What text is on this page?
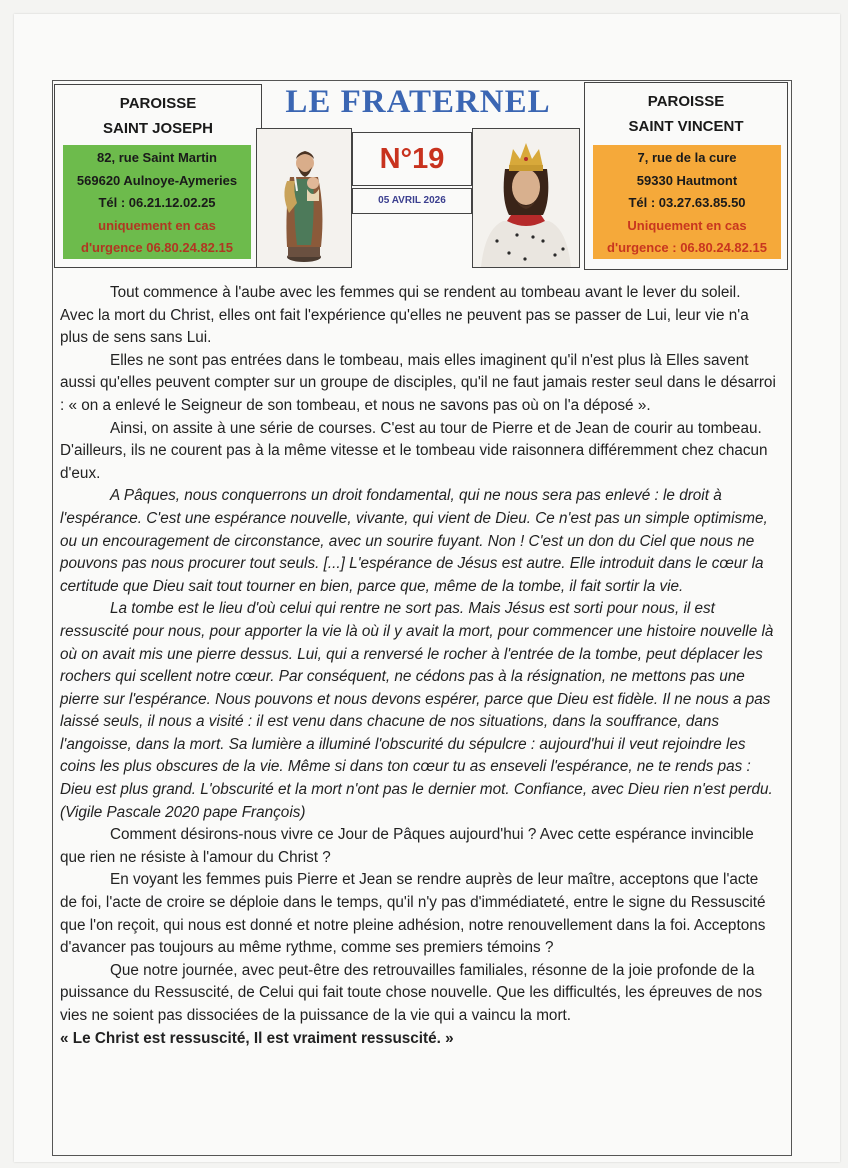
PAROISSE
SAINT JOSEPH
82, rue Saint Martin
569620 Aulnoye-Aymeries
Tél : 06.21.12.02.25
uniquement en cas
d'urgence 06.80.24.82.15
LE FRATERNEL
N°19
05 AVRIL 2026
PAROISSE
SAINT VINCENT
7, rue de la cure
59330 Hautmont
Tél : 03.27.63.85.50
Uniquement en cas
d'urgence : 06.80.24.82.15

Tout commence à l'aube avec les femmes qui se rendent au tombeau avant le lever du soleil. Avec la mort du Christ, elles ont fait l'expérience qu'elles ne peuvent pas se passer de Lui, leur vie n'a plus de sens sans Lui.

Elles ne sont pas entrées dans le tombeau, mais elles imaginent qu'il n'est plus là Elles savent aussi qu'elles peuvent compter sur un groupe de disciples, qu'il ne faut jamais rester seul dans le désarroi : « on a enlevé le Seigneur de son tombeau, et nous ne savons pas où on l'a déposé ».

Ainsi, on assite à une série de courses. C'est au tour de Pierre et de Jean de courir au tombeau. D'ailleurs, ils ne courent pas à la même vitesse et le tombeau vide raisonnera différemment chez chacun d'eux.

A Pâques, nous conquerrons un droit fondamental, qui ne nous sera pas enlevé : le droit à l'espérance. C'est une espérance nouvelle, vivante, qui vient de Dieu. Ce n'est pas un simple optimisme, ou un encouragement de circonstance, avec un sourire fuyant. Non ! C'est un don du Ciel que nous ne pouvons pas nous procurer tout seuls. [...] L'espérance de Jésus est autre. Elle introduit dans le cœur la certitude que Dieu sait tout tourner en bien, parce que, même de la tombe, il fait sortir la vie.

La tombe est le lieu d'où celui qui rentre ne sort pas. Mais Jésus est sorti pour nous, il est ressuscité pour nous, pour apporter la vie là où il y avait la mort, pour commencer une histoire nouvelle là où on avait mis une pierre dessus. Lui, qui a renversé le rocher à l'entrée de la tombe, peut déplacer les rochers qui scellent notre cœur. Par conséquent, ne cédons pas à la résignation, ne mettons pas une pierre sur l'espérance. Nous pouvons et nous devons espérer, parce que Dieu est fidèle. Il ne nous a pas laissé seuls, il nous a visité : il est venu dans chacune de nos situations, dans la souffrance, dans l'angoisse, dans la mort. Sa lumière a illuminé l'obscurité du sépulcre : aujourd'hui il veut rejoindre les coins les plus obscures de la vie. Même si dans ton cœur tu as enseveli l'espérance, ne te rends pas : Dieu est plus grand. L'obscurité et la mort n'ont pas le dernier mot. Confiance, avec Dieu rien n'est perdu. (Vigile Pascale 2020 pape François)

Comment désirons-nous vivre ce Jour de Pâques aujourd'hui ? Avec cette espérance invincible que rien ne résiste à l'amour du Christ ?

En voyant les femmes puis Pierre et Jean se rendre auprès de leur maître, acceptons que l'acte de foi, l'acte de croire se déploie dans le temps, qu'il n'y pas d'immédiateté, entre le signe du Ressuscité que l'on reçoit, qui nous est donné et notre pleine adhésion, notre renouvellement dans la foi. Acceptons d'avancer pas toujours au même rythme, comme ses premiers témoins ?

Que notre journée, avec peut-être des retrouvailles familiales, résonne de la joie profonde de la puissance du Ressuscité, de Celui qui fait toute chose nouvelle. Que les difficultés, les épreuves de nos vies ne soient pas dissociées de la puissance de la vie qui a vaincu la mort.

« Le Christ est ressuscité, Il est vraiment ressuscité. »
